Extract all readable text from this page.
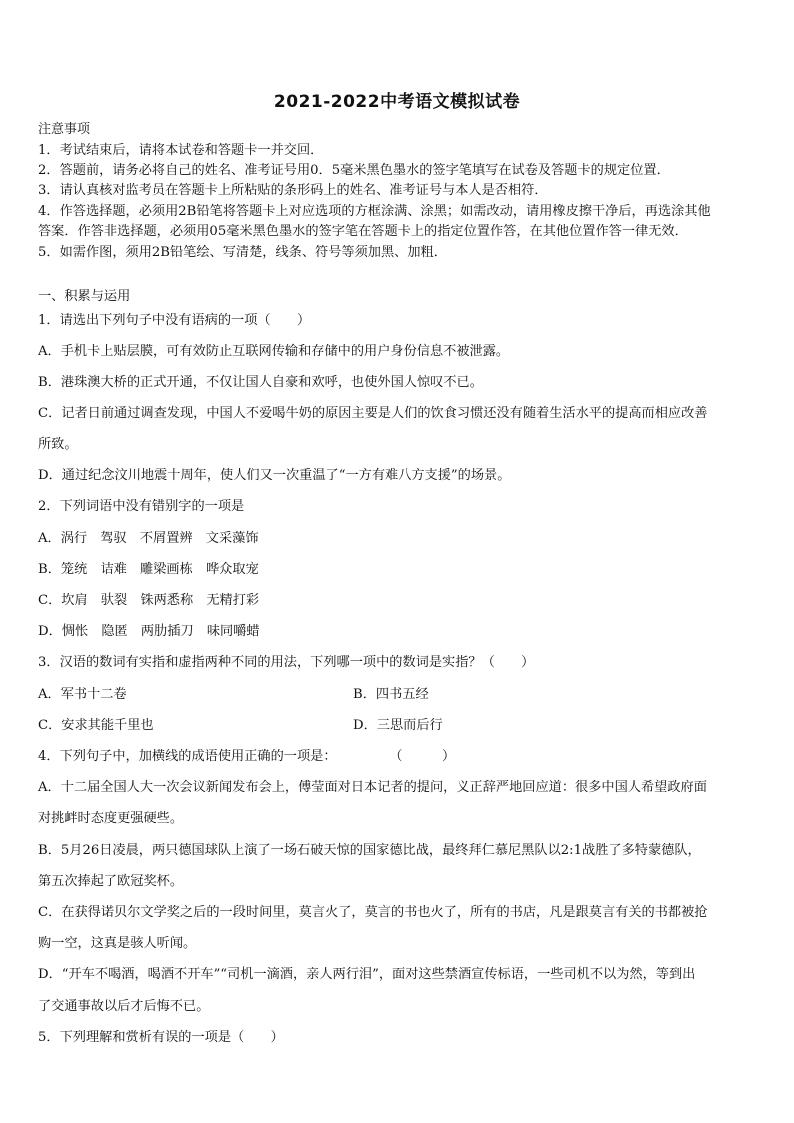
2021-2022中考语文模拟试卷
注意事项
1．考试结束后，请将本试卷和答题卡一并交回．
2．答题前，请务必将自己的姓名、准考证号用0．5毫米黑色墨水的签字笔填写在试卷及答题卡的规定位置．
3．请认真核对监考员在答题卡上所粘贴的条形码上的姓名、准考证号与本人是否相符．
4．作答选择题，必须用2B铅笔将答题卡上对应选项的方框涂满、涂黑；如需改动，请用橡皮擦干净后，再选涂其他
答案．作答非选择题，必须用05毫米黑色墨水的签字笔在答题卡上的指定位置作答，在其他位置作答一律无效．
5．如需作图，须用2B铅笔绘、写清楚，线条、符号等须加黑、加粗．
一、积累与运用
1．请选出下列句子中没有语病的一项（　　）
A．手机卡上贴层膜，可有效防止互联网传输和存储中的用户身份信息不被泄露。
B．港珠澳大桥的正式开通，不仅让国人自豪和欢呼，也使外国人惊叹不已。
C．记者日前通过调查发现，中国人不爱喝牛奶的原因主要是人们的饮食习惯还没有随着生活水平的提高而相应改善
所致。
D．通过纪念汶川地震十周年，使人们又一次重温了“一方有难八方支援”的场景。
2．下列词语中没有错别字的一项是
A．涡行　驾驭　不屑置辨　文采藻饰
B．笼统　诘难　雕梁画栋　哗众取宠
C．坎肩　驮裂　铢两悉称　无精打彩
D．惆怅　隐匿　两肋插刀　味同嚼蜡
3．汉语的数词有实指和虚指两种不同的用法，下列哪一项中的数词是实指？（　　）
A．军书十二卷	B．四书五经
C．安求其能千里也	D．三思而后行
4．下列句子中，加横线的成语使用正确的一项是：　　　　　（　　　）
A．十二届全国人大一次会议新闻发布会上，傅莹面对日本记者的提问，义正辞严地回应道：很多中国人希望政府面
对挑衅时态度更强硬些。
B．5月26日凌晨，两只德国球队上演了一场石破天惊的国家德比战，最终拜仁慕尼黑队以2:1战胜了多特蒙德队，
第五次捧起了欧冠奖杯。
C．在获得诺贝尔文学奖之后的一段时间里，莫言火了，莫言的书也火了，所有的书店，凡是跟莫言有关的书都被抢
购一空，这真是骇人听闻。
D．“开车不喝酒，喝酒不开车”“司机一滴酒，亲人两行泪”，面对这些禁酒宣传标语，一些司机不以为然，等到出
了交通事故以后才后悔不已。
5．下列理解和赏析有误的一项是（　　）
